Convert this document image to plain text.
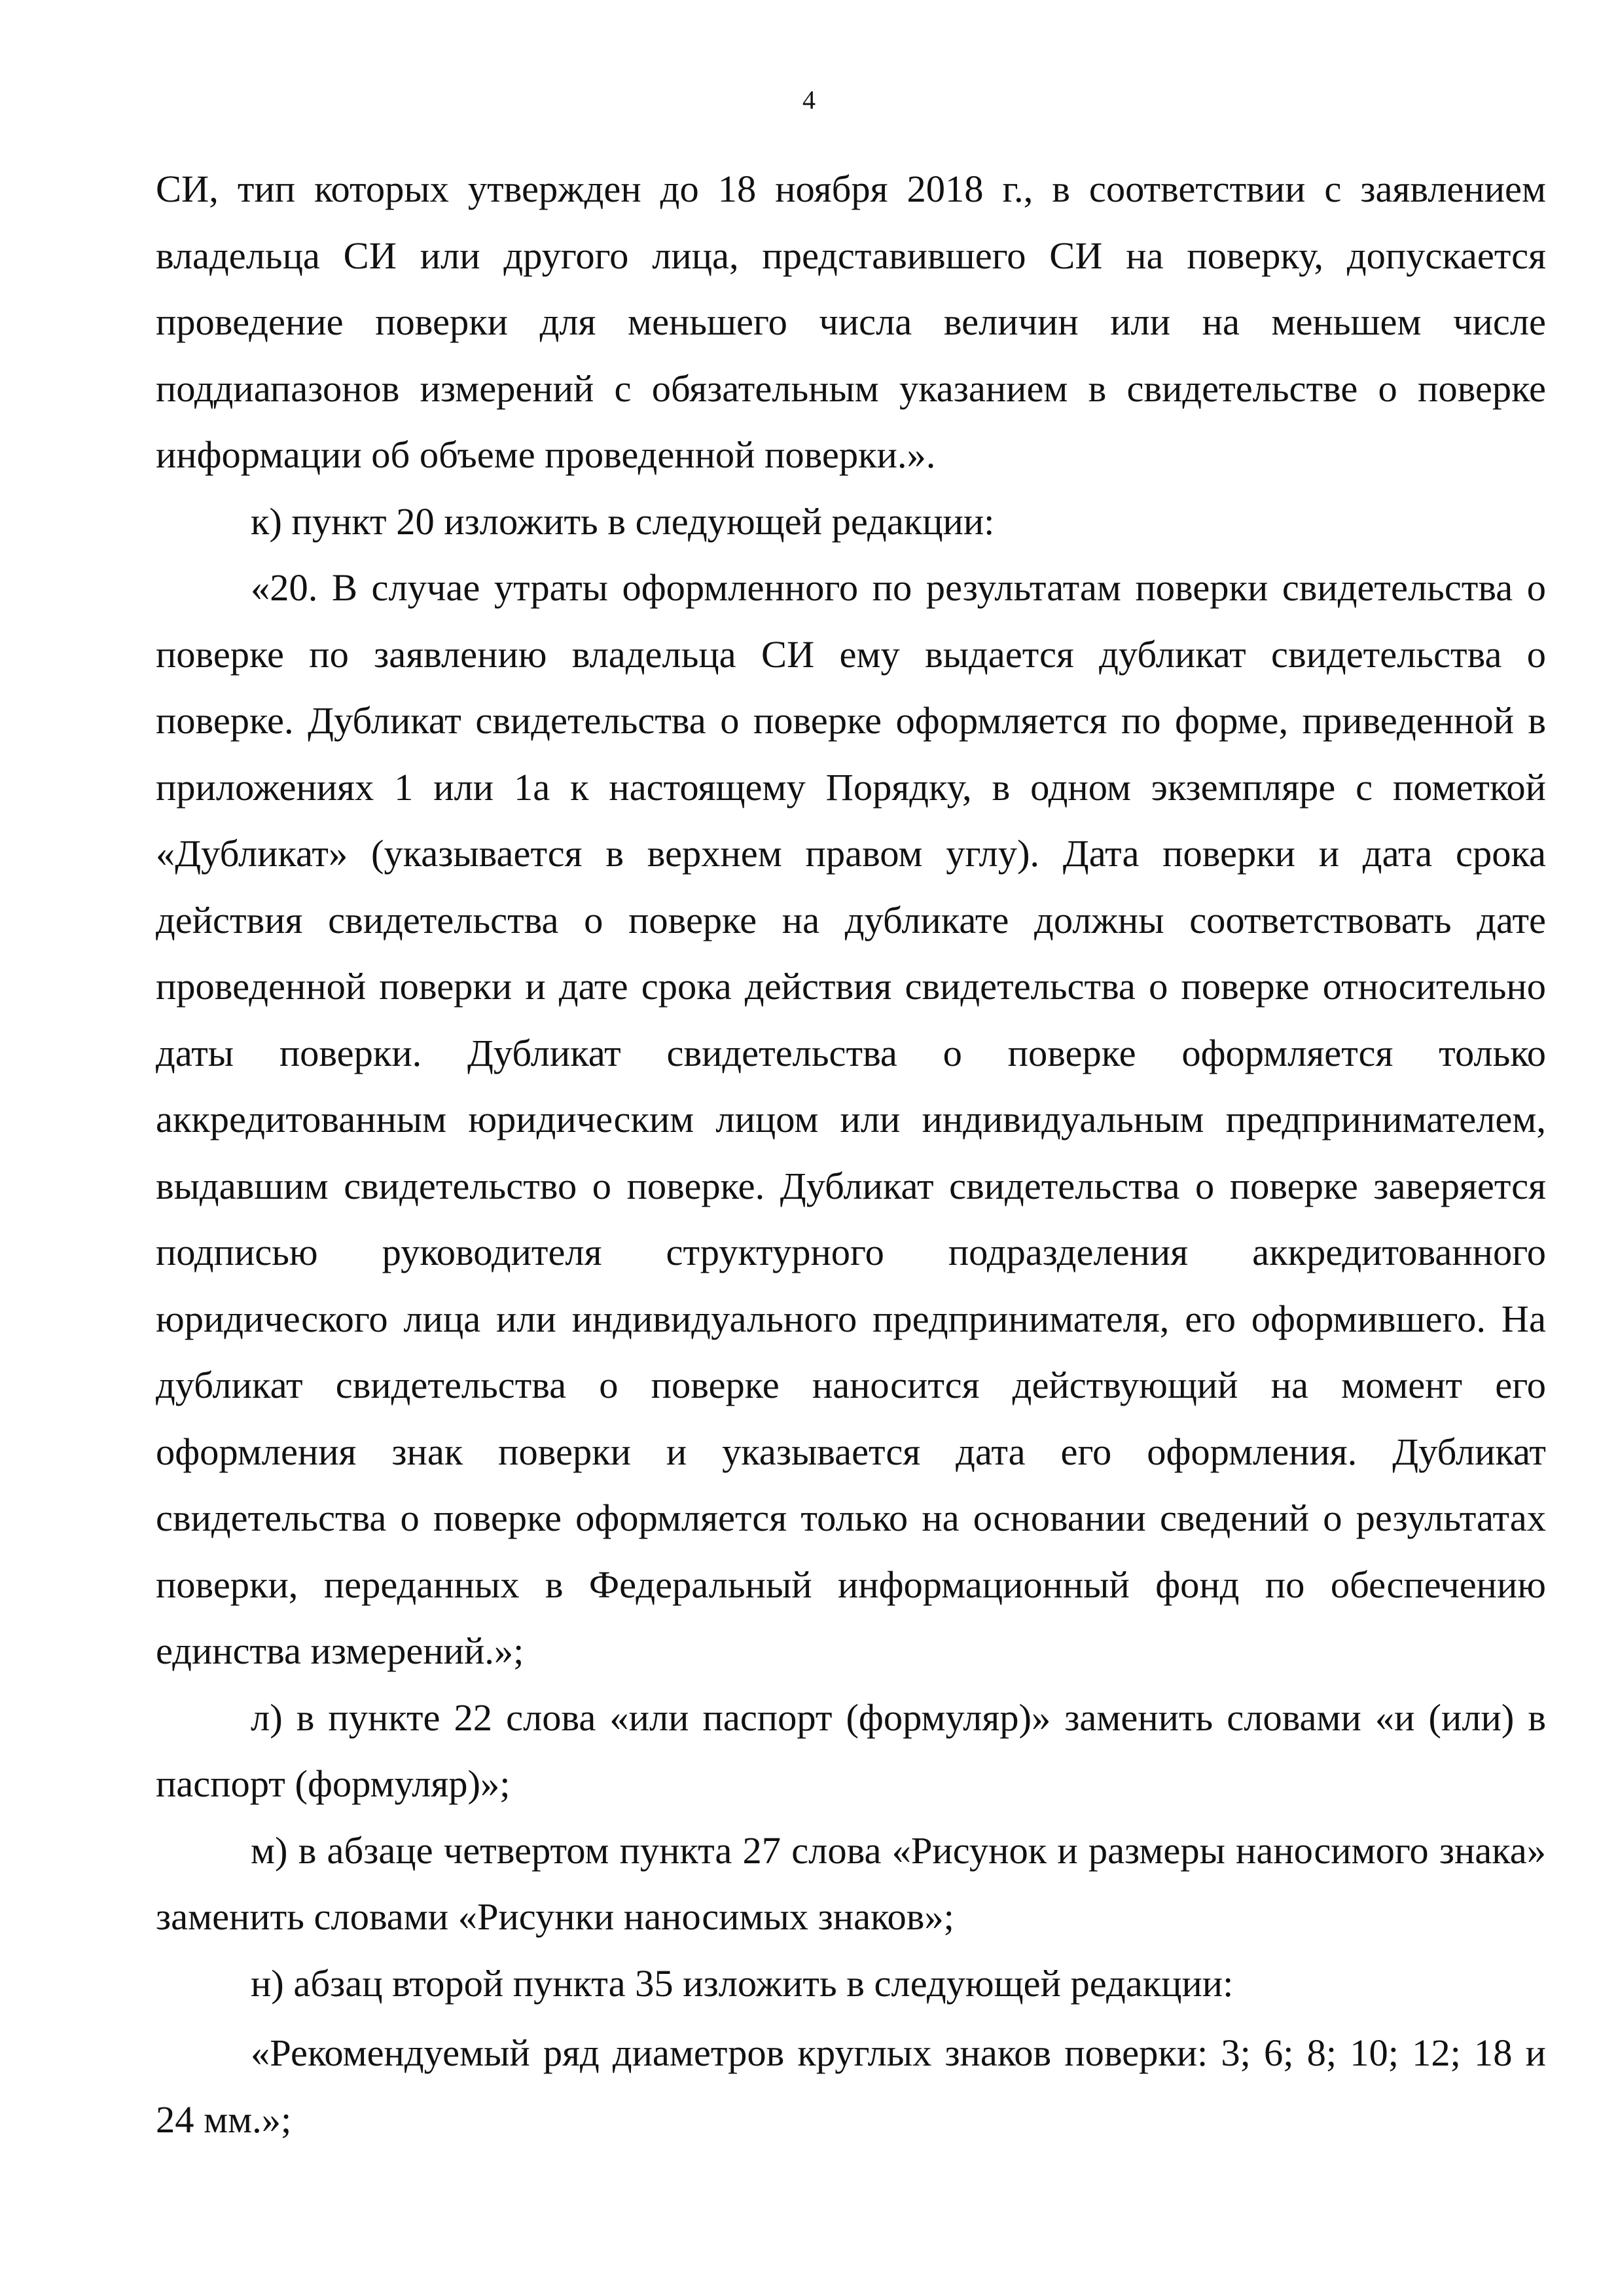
4

СИ, тип которых утвержден до 18 ноября 2018 г., в соответствии с заявлением владельца СИ или другого лица, представившего СИ на поверку, допускается проведение поверки для меньшего числа величин или на меньшем числе поддиапазонов измерений с обязательным указанием в свидетельстве о поверке информации об объеме проведенной поверки.».

к) пункт 20 изложить в следующей редакции:

«20. В случае утраты оформленного по результатам поверки свидетельства о поверке по заявлению владельца СИ ему выдается дубликат свидетельства о поверке. Дубликат свидетельства о поверке оформляется по форме, приведенной в приложениях 1 или 1а к настоящему Порядку, в одном экземпляре с пометкой «Дубликат» (указывается в верхнем правом углу). Дата поверки и дата срока действия свидетельства о поверке на дубликате должны соответствовать дате проведенной поверки и дате срока действия свидетельства о поверке относительно даты поверки. Дубликат свидетельства о поверке оформляется только аккредитованным юридическим лицом или индивидуальным предпринимателем, выдавшим свидетельство о поверке. Дубликат свидетельства о поверке заверяется подписью руководителя структурного подразделения аккредитованного юридического лица или индивидуального предпринимателя, его оформившего. На дубликат свидетельства о поверке наносится действующий на момент его оформления знак поверки и указывается дата его оформления. Дубликат свидетельства о поверке оформляется только на основании сведений о результатах поверки, переданных в Федеральный информационный фонд по обеспечению единства измерений.»;

л) в пункте 22 слова «или паспорт (формуляр)» заменить словами «и (или) в паспорт (формуляр)»;

м) в абзаце четвертом пункта 27 слова «Рисунок и размеры наносимого знака» заменить словами «Рисунки наносимых знаков»;

н) абзац второй пункта 35 изложить в следующей редакции:

«Рекомендуемый ряд диаметров круглых знаков поверки: 3; 6; 8; 10; 12; 18 и 24 мм.»;
